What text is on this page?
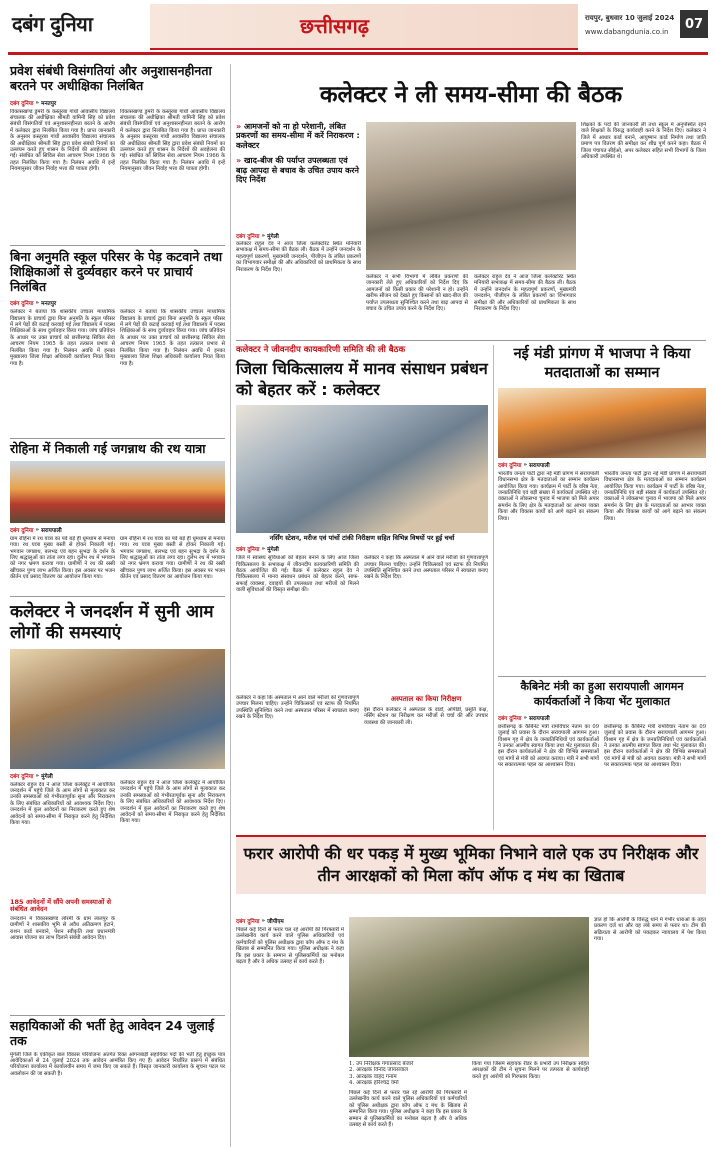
दबंग दुनिया	छत्तीसगढ़	रायपुर, बुधवार 10 जुलाई 2024
www.dabangdunia.co.in
07
प्रवेश संबंधी विसंगतियां और अनुशासनहीनता बरतने पर अधीक्षिका निलंबित
दबंग दुनिया » मनतपुर
विकासखण्ड डुमरी के कस्तूरबा गांधी आवासीय विद्यालय संचालक की अधीक्षिका श्रीमती यामिनी सिंह को प्रवेश संबंधी विसंगतियों एवं अनुशासनहीनता बरतने के आरोप में कलेक्टर द्वारा निलंबित किया गया है। प्राप्त जानकारी के अनुसार कस्तूरबा गांधी आवासीय विद्यालय संचालक की अधीक्षिका श्रीमती सिंह द्वारा प्रवेश संबंधी नियमों का उल्लंघन करते हुए शासन के निर्देशों की अवहेलना की गई। संबंधित को सिविल सेवा आचरण नियम 1966 के तहत निलंबित किया गया है। निलंबन अवधि में इन्हें नियमानुसार जीवन निर्वाह भत्ता की पात्रता होगी।
विकासखण्ड डुमरी के कस्तूरबा गांधी आवासीय विद्यालय संचालक की अधीक्षिका श्रीमती यामिनी सिंह को प्रवेश संबंधी विसंगतियों एवं अनुशासनहीनता बरतने के आरोप में कलेक्टर द्वारा निलंबित किया गया है। प्राप्त जानकारी के अनुसार कस्तूरबा गांधी आवासीय विद्यालय संचालक की अधीक्षिका श्रीमती सिंह द्वारा प्रवेश संबंधी नियमों का उल्लंघन करते हुए शासन के निर्देशों की अवहेलना की गई। संबंधित को सिविल सेवा आचरण नियम 1966 के तहत निलंबित किया गया है। निलंबन अवधि में इन्हें नियमानुसार जीवन निर्वाह भत्ता की पात्रता होगी।
बिना अनुमति स्कूल परिसर के पेड़ कटवाने तथा शिक्षिकाओं से दुर्व्यवहार करने पर प्राचार्य निलंबित
दबंग दुनिया » मनतपुर
कलेक्टर ने बताया कि शासकीय उच्चतर माध्यमिक विद्यालय के प्राचार्य द्वारा बिना अनुमति के स्कूल परिसर में लगे पेड़ों की कटाई करवाई गई तथा विद्यालय में पदस्थ शिक्षिकाओं के साथ दुर्व्यवहार किया गया। जांच प्रतिवेदन के आधार पर उक्त प्राचार्य को छत्तीसगढ़ सिविल सेवा आचरण नियम 1965 के तहत तत्काल प्रभाव से निलंबित किया गया है। निलंबन अवधि में इनका मुख्यालय जिला शिक्षा अधिकारी कार्यालय नियत किया गया है।
कलेक्टर ने बताया कि शासकीय उच्चतर माध्यमिक विद्यालय के प्राचार्य द्वारा बिना अनुमति के स्कूल परिसर में लगे पेड़ों की कटाई करवाई गई तथा विद्यालय में पदस्थ शिक्षिकाओं के साथ दुर्व्यवहार किया गया। जांच प्रतिवेदन के आधार पर उक्त प्राचार्य को छत्तीसगढ़ सिविल सेवा आचरण नियम 1965 के तहत तत्काल प्रभाव से निलंबित किया गया है। निलंबन अवधि में इनका मुख्यालय जिला शिक्षा अधिकारी कार्यालय नियत किया गया है।
रोहिना में निकाली गई जगन्नाथ की रथ यात्रा
दबंग दुनिया » सरायपाली
ग्राम रोहिना में रथ यात्रा का पर्व बड़े ही धूमधाम से मनाया गया। रथ यात्रा मुख्य बस्ती से होकर निकाली गई। भगवान जगन्नाथ, बलभद्र एवं बहन सुभद्रा के दर्शन के लिए श्रद्धालुओं का तांता लगा रहा। दुर्लभ रथ में भगवान को नगर भ्रमण कराया गया। ग्रामीणों ने रथ की रस्सी खींचकर पुण्य लाभ अर्जित किया। इस अवसर पर भजन कीर्तन एवं प्रसाद वितरण का आयोजन किया गया।
ग्राम रोहिना में रथ यात्रा का पर्व बड़े ही धूमधाम से मनाया गया। रथ यात्रा मुख्य बस्ती से होकर निकाली गई। भगवान जगन्नाथ, बलभद्र एवं बहन सुभद्रा के दर्शन के लिए श्रद्धालुओं का तांता लगा रहा। दुर्लभ रथ में भगवान को नगर भ्रमण कराया गया। ग्रामीणों ने रथ की रस्सी खींचकर पुण्य लाभ अर्जित किया। इस अवसर पर भजन कीर्तन एवं प्रसाद वितरण का आयोजन किया गया।
कलेक्टर ने जनदर्शन में सुनी आम लोगों की समस्याएं
दबंग दुनिया » मुंगेली
कलेक्टर राहुल देव ने आज जिला कलेक्ट्रेट में आयोजित जनदर्शन में पहुंचे जिले के आम लोगों से मुलाकात कर उनकी समस्याओं को गंभीरतापूर्वक सुना और निराकरण के लिए संबंधित अधिकारियों को आवश्यक निर्देश दिए। जनदर्शन में कुल आवेदनों का निराकरण करते हुए शेष आवेदनों को समय-सीमा में निराकृत करने हेतु निर्देशित किया गया।
185 आवेदनों में सौंपे अपनी समस्याओं से संबंधित आवेदन
जनदर्शन में विकासखण्ड लोरमी के ग्राम लालपुर के ग्रामीणों ने शासकीय भूमि से अवैध अतिक्रमण हटाने, राशन कार्ड बनवाने, पेंशन स्वीकृति तथा प्रधानमंत्री आवास योजना का लाभ दिलाने संबंधी आवेदन दिए।
कलेक्टर राहुल देव ने आज जिला कलेक्ट्रेट में आयोजित जनदर्शन में पहुंचे जिले के आम लोगों से मुलाकात कर उनकी समस्याओं को गंभीरतापूर्वक सुना और निराकरण के लिए संबंधित अधिकारियों को आवश्यक निर्देश दिए। जनदर्शन में कुल आवेदनों का निराकरण करते हुए शेष आवेदनों को समय-सीमा में निराकृत करने हेतु निर्देशित किया गया।
सहायिकाओं की भर्ती हेतु आवेदन 24 जुलाई तक
मुंगेली जिले के एकीकृत बाल विकास परियोजना अंतर्गत रिक्त आंगनबाड़ी सहायिका पदों की भर्ती हेतु इच्छुक पात्र आवेदिकाओं से 24 जुलाई 2024 तक आवेदन आमंत्रित किए गए हैं। आवेदन निर्धारित प्रारूप में संबंधित परियोजना कार्यालय में कार्यालयीन समय में जमा किए जा सकते हैं। विस्तृत जानकारी कार्यालय के सूचना पटल पर अवलोकन की जा सकती है।
कलेक्टर ने ली समय-सीमा की बैठक
» आमजनों को ना हो परेशानी, लंबित प्रकरणों का समय-सीमा में करें निराकरण : कलेक्टर
» खाद-बीज की पर्याप्त उपलब्धता एवं बाढ़ आपदा से बचाव के उचित उपाय करने दिए निर्देश
शिक्षकों के पदों की जानकारी ली तथा स्कूल में अनुपस्थित रहने वाले शिक्षकों के विरुद्ध कार्यवाही करने के निर्देश दिए। कलेक्टर ने जिले में आधार कार्ड बनाने, आयुष्मान कार्ड निर्माण तथा जाति प्रमाण पत्र वितरण की समीक्षा कर शीघ्र पूर्ण करने कहा। बैठक में जिला पंचायत सीईओ, अपर कलेक्टर सहित सभी विभागों के जिला अधिकारी उपस्थित थे।
दबंग दुनिया » मुंगेली
कलेक्टर राहुल देव ने आज जिला कलेक्टोरेट स्थित मनियारी सभाकक्ष में समय-सीमा की बैठक ली। बैठक में उन्होंने जनदर्शन के महत्वपूर्ण प्रकरणों, मुख्यमंत्री जनदर्शन, पीजीएन के लंबित प्रकरणों का विभागवार समीक्षा की और अधिकारियों को प्राथमिकता के साथ निराकरण के निर्देश दिए।
कलेक्टर ने सभी विभागों में लंबित प्रकरणों की जानकारी लेते हुए अधिकारियों को निर्देश दिए कि आमजनों को किसी प्रकार की परेशानी न हो। उन्होंने खरीफ सीजन को देखते हुए किसानों को खाद-बीज की पर्याप्त उपलब्धता सुनिश्चित करने तथा बाढ़ आपदा से बचाव के उचित उपाय करने के निर्देश दिए।
कलेक्टर राहुल देव ने आज जिला कलेक्टोरेट स्थित मनियारी सभाकक्ष में समय-सीमा की बैठक ली। बैठक में उन्होंने जनदर्शन के महत्वपूर्ण प्रकरणों, मुख्यमंत्री जनदर्शन, पीजीएन के लंबित प्रकरणों का विभागवार समीक्षा की और अधिकारियों को प्राथमिकता के साथ निराकरण के निर्देश दिए।
कलेक्टर ने जीवनदीप कायकारिणी समिति की ली बैठक
जिला चिकित्सालय में मानव संसाधन प्रबंधन को बेहतर करें : कलेक्टर
नर्सिंग स्टेशन, मरीज एवं पांचों टांकी निरीक्षण सहित विभिन्न विषयों पर हुई चर्चा
दबंग दुनिया » मुंगेली
जिले में स्वास्थ्य सुविधाओं को बेहतर बनाने के लिए आज जिला चिकित्सालय के सभाकक्ष में जीवनदीप कायकारिणी समिति की बैठक आयोजित की गई। बैठक में कलेक्टर राहुल देव ने चिकित्सालय में मानव संसाधन प्रबंधन को बेहतर करने, साफ-सफाई व्यवस्था, दवाइयों की उपलब्धता तथा मरीजों को मिलने वाली सुविधाओं की विस्तृत समीक्षा की।
कलेक्टर ने कहा कि अस्पताल में आने वाले मरीजों को गुणवत्तापूर्ण उपचार मिलना चाहिए। उन्होंने चिकित्सकों एवं स्टाफ की नियमित उपस्थिति सुनिश्चित करने तथा अस्पताल परिसर में स्वच्छता बनाए रखने के निर्देश दिए।
कलेक्टर ने कहा कि अस्पताल में आने वाले मरीजों को गुणवत्तापूर्ण उपचार मिलना चाहिए। उन्होंने चिकित्सकों एवं स्टाफ की नियमित उपस्थिति सुनिश्चित करने तथा अस्पताल परिसर में स्वच्छता बनाए रखने के निर्देश दिए।
अस्पताल का किया निरीक्षण
इस दौरान कलेक्टर ने अस्पताल के वार्डों, ओपीडी, प्रसूति कक्ष, नर्सिंग स्टेशन का निरीक्षण कर मरीजों से चर्चा की और उपचार व्यवस्था की जानकारी ली।
नई मंडी प्रांगण में भाजपा ने किया मतदाताओं का सम्मान
दबंग दुनिया » सरायपाली
भारतीय जनता पार्टी द्वारा नई मंडी प्रांगण में सरायपाली विधानसभा क्षेत्र के मतदाताओं का सम्मान कार्यक्रम आयोजित किया गया। कार्यक्रम में पार्टी के वरिष्ठ नेता, जनप्रतिनिधि एवं बड़ी संख्या में कार्यकर्ता उपस्थित रहे। वक्ताओं ने लोकसभा चुनाव में भाजपा को मिले अपार समर्थन के लिए क्षेत्र के मतदाताओं का आभार व्यक्त किया और विकास कार्यों को आगे बढ़ाने का संकल्प लिया।
भारतीय जनता पार्टी द्वारा नई मंडी प्रांगण में सरायपाली विधानसभा क्षेत्र के मतदाताओं का सम्मान कार्यक्रम आयोजित किया गया। कार्यक्रम में पार्टी के वरिष्ठ नेता, जनप्रतिनिधि एवं बड़ी संख्या में कार्यकर्ता उपस्थित रहे। वक्ताओं ने लोकसभा चुनाव में भाजपा को मिले अपार समर्थन के लिए क्षेत्र के मतदाताओं का आभार व्यक्त किया और विकास कार्यों को आगे बढ़ाने का संकल्प लिया।
कैबिनेट मंत्री का हुआ सरायपाली आगमन कार्यकर्ताओं ने किया भेंट मुलाकात
दबंग दुनिया » सरायपाली
छत्तीसगढ़ के कैबिनेट मंत्री रामविचार नेताम का 09 जुलाई को प्रवास के दौरान सरायपाली आगमन हुआ। विश्राम गृह में क्षेत्र के जनप्रतिनिधियों एवं कार्यकर्ताओं ने उनका आत्मीय स्वागत किया तथा भेंट मुलाकात की। इस दौरान कार्यकर्ताओं ने क्षेत्र की विभिन्न समस्याओं एवं मांगों से मंत्री को अवगत कराया। मंत्री ने सभी मांगों पर सकारात्मक पहल का आश्वासन दिया।
छत्तीसगढ़ के कैबिनेट मंत्री रामविचार नेताम का 09 जुलाई को प्रवास के दौरान सरायपाली आगमन हुआ। विश्राम गृह में क्षेत्र के जनप्रतिनिधियों एवं कार्यकर्ताओं ने उनका आत्मीय स्वागत किया तथा भेंट मुलाकात की। इस दौरान कार्यकर्ताओं ने क्षेत्र की विभिन्न समस्याओं एवं मांगों से मंत्री को अवगत कराया। मंत्री ने सभी मांगों पर सकारात्मक पहल का आश्वासन दिया।
फरार आरोपी की धर पकड़ में मुख्य भूमिका निभाने वाले एक उप निरीक्षक और तीन आरक्षकों को मिला कॉप ऑफ द मंथ का खिताब
दबंग दुनिया » जीपीएम
पिछले कई दिनों से फरार चल रहे आरोपी की गिरफ्तारी में उल्लेखनीय कार्य करने वाले पुलिस अधिकारियों एवं कर्मचारियों को पुलिस अधीक्षक द्वारा कॉप ऑफ द मंथ के खिताब से सम्मानित किया गया। पुलिस अधीक्षक ने कहा कि इस प्रकार के सम्मान से पुलिसकर्मियों का मनोबल बढ़ता है और वे अधिक उत्साह से कार्य करते हैं।
1. उप निरीक्षक गंगाप्रसाद बंजारे
2. आरक्षक विनोद जायसवाल
3. आरक्षक वाहद गनाम
4. आरक्षक हरिश्चंद्र वर्मा
पिछले कई दिनों से फरार चल रहे आरोपी की गिरफ्तारी में उल्लेखनीय कार्य करने वाले पुलिस अधिकारियों एवं कर्मचारियों को पुलिस अधीक्षक द्वारा कॉप ऑफ द मंथ के खिताब से सम्मानित किया गया। पुलिस अधीक्षक ने कहा कि इस प्रकार के सम्मान से पुलिसकर्मियों का मनोबल बढ़ता है और वे अधिक उत्साह से कार्य करते हैं।
किया गया जिसमें सहायक रीडर के प्रभारी उप निरीक्षक सहित आरक्षकों की टीम ने सूचना मिलने पर तत्परता से कार्यवाही करते हुए आरोपी को गिरफ्तार किया।
ज्ञात हो कि आरोपी के विरुद्ध थाने में गंभीर धाराओं के तहत प्रकरण दर्ज था और वह लंबे समय से फरार था। टीम की सक्रियता से आरोपी को पकड़कर न्यायालय में पेश किया गया।
